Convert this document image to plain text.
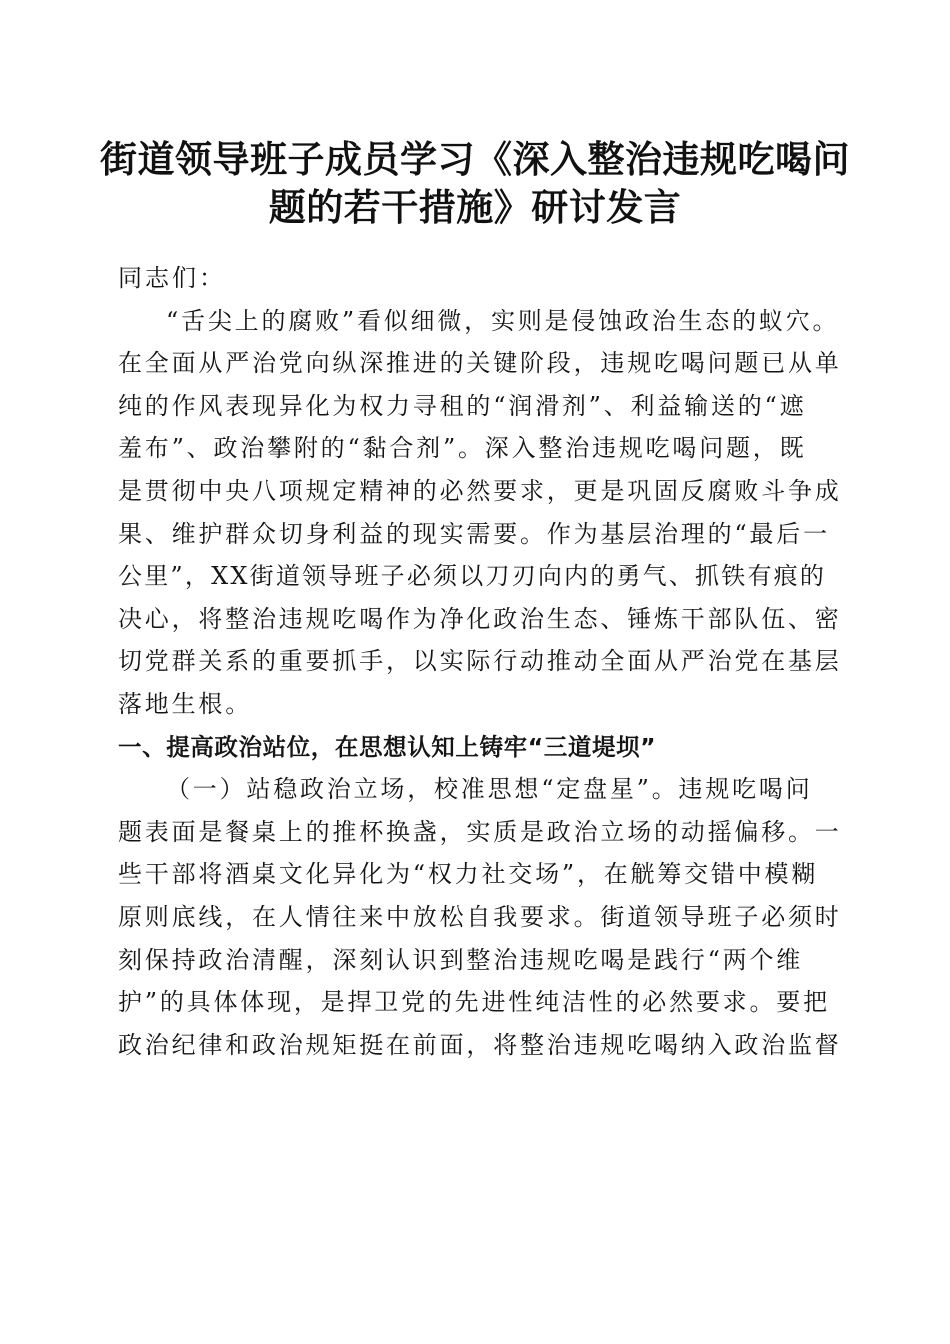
街道领导班子成员学习《深入整治违规吃喝问
题的若干措施》研讨发言

同志们：

“舌尖上的腐败”看似细微，实则是侵蚀政治生态的蚁穴。
在全面从严治党向纵深推进的关键阶段，违规吃喝问题已从单
纯的作风表现异化为权力寻租的“润滑剂”、利益输送的“遮
羞布”、政治攀附的“黏合剂”。深入整治违规吃喝问题，既
是贯彻中央八项规定精神的必然要求，更是巩固反腐败斗争成
果、维护群众切身利益的现实需要。作为基层治理的“最后一
公里”，XX街道领导班子必须以刀刃向内的勇气、抓铁有痕的
决心，将整治违规吃喝作为净化政治生态、锤炼干部队伍、密
切党群关系的重要抓手，以实际行动推动全面从严治党在基层
落地生根。

一、提高政治站位，在思想认知上铸牢“三道堤坝”

（一）站稳政治立场，校准思想“定盘星”。违规吃喝问
题表面是餐桌上的推杯换盏，实质是政治立场的动摇偏移。一
些干部将酒桌文化异化为“权力社交场”，在觥筹交错中模糊
原则底线，在人情往来中放松自我要求。街道领导班子必须时
刻保持政治清醒，深刻认识到整治违规吃喝是践行“两个维
护”的具体体现，是捍卫党的先进性纯洁性的必然要求。要把
政治纪律和政治规矩挺在前面，将整治违规吃喝纳入政治监督
